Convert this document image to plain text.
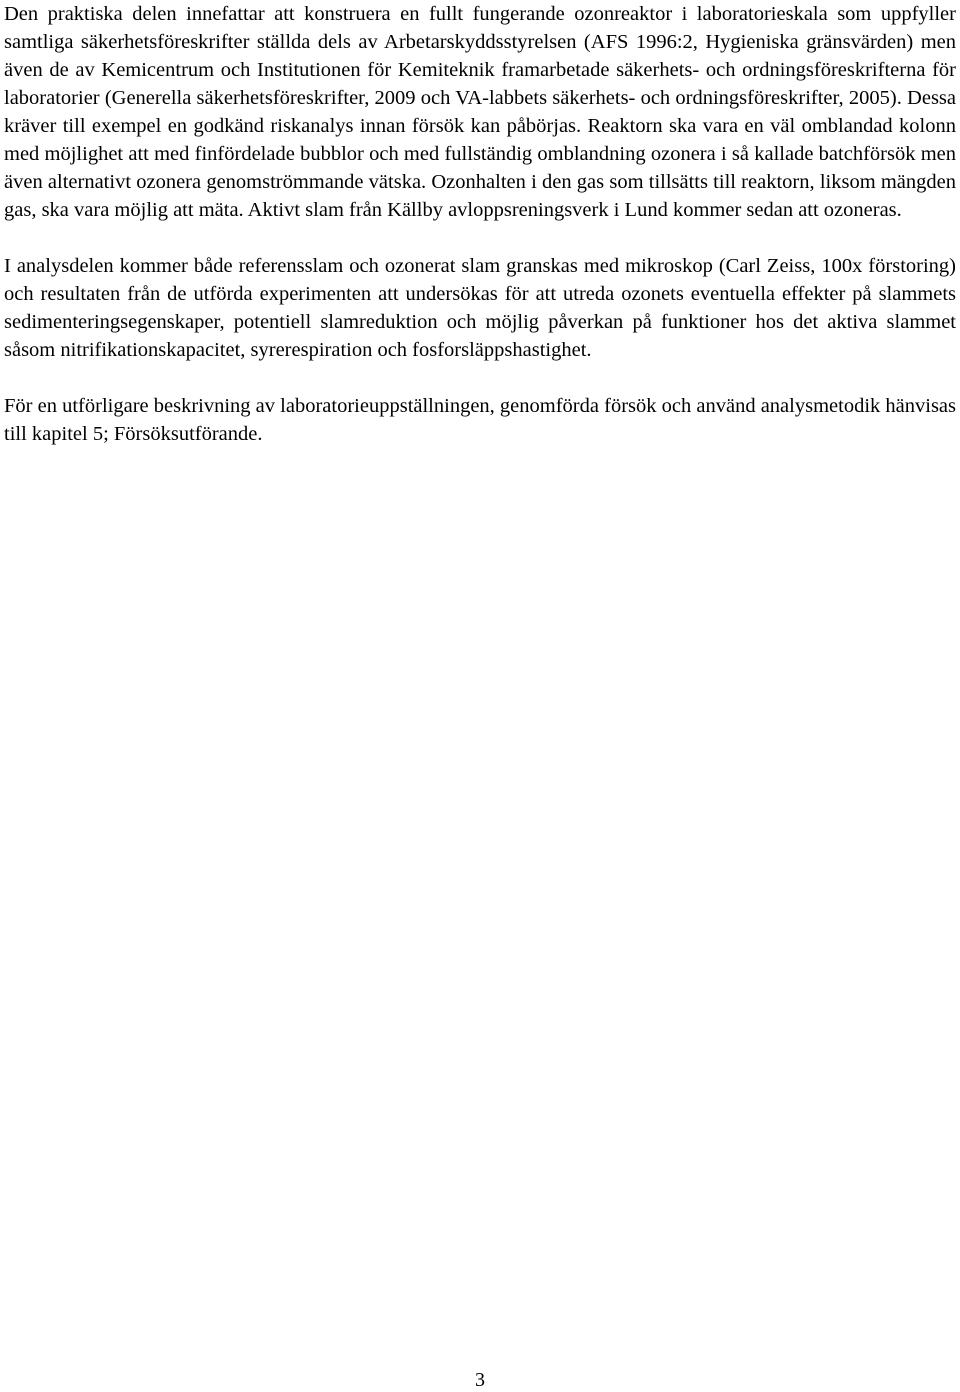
Den praktiska delen innefattar att konstruera en fullt fungerande ozonreaktor i laboratorieskala som uppfyller samtliga säkerhetsföreskrifter ställda dels av Arbetarskyddsstyrelsen (AFS 1996:2, Hygieniska gränsvärden) men även de av Kemicentrum och Institutionen för Kemiteknik framarbetade säkerhets- och ordningsföreskrifterna för laboratorier (Generella säkerhetsföreskrifter, 2009 och VA-labbets säkerhets- och ordningsföreskrifter, 2005). Dessa kräver till exempel en godkänd riskanalys innan försök kan påbörjas. Reaktorn ska vara en väl omblandad kolonn med möjlighet att med finfördelade bubblor och med fullständig omblandning ozonera i så kallade batchförsök men även alternativt ozonera genomströmmande vätska. Ozonhalten i den gas som tillsätts till reaktorn, liksom mängden gas, ska vara möjlig att mäta. Aktivt slam från Källby avloppsreningsverk i Lund kommer sedan att ozoneras.

I analysdelen kommer både referensslam och ozonerat slam granskas med mikroskop (Carl Zeiss, 100x förstoring) och resultaten från de utförda experimenten att undersökas för att utreda ozonets eventuella effekter på slammets sedimenteringsegenskaper, potentiell slamreduktion och möjlig påverkan på funktioner hos det aktiva slammet såsom nitrifikationskapacitet, syrerespiration och fosforsläppshastighet.

För en utförligare beskrivning av laboratorieuppställningen, genomförda försök och använd analysmetodik hänvisas till kapitel 5; Försöksutförande.

3
